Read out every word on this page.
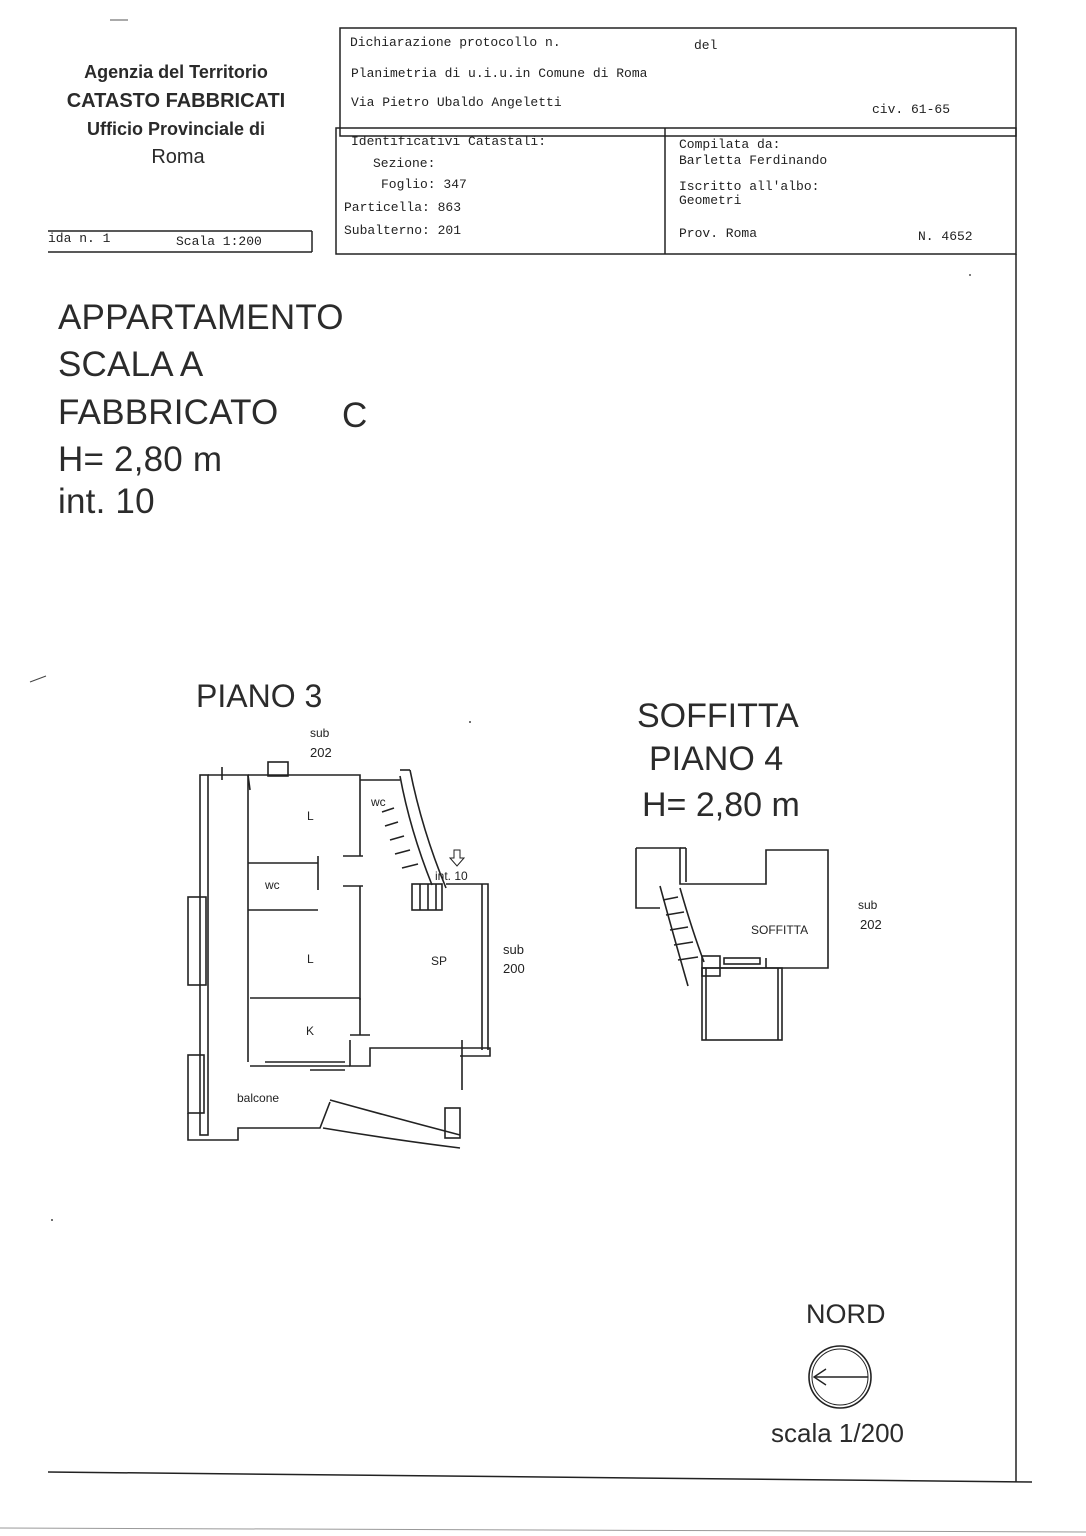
Agenzia del Territorio
CATASTO FABBRICATI
Ufficio Provinciale di
Roma
ida n. 1	Scala 1:200
Dichiarazione protocollo n.	del
Planimetria di u.i.u.in Comune di Roma
Via Pietro Ubaldo Angeletti	civ. 61-65
Identificativi Catastali:
Sezione:
Foglio: 347
Particella: 863
Subalterno: 201
Compilata da:
Barletta Ferdinando
Iscritto all'albo:
Geometri
Prov. Roma	N. 4652
APPARTAMENTO
SCALA A
FABBRICATO C
H= 2,80 m
int. 10
PIANO 3
sub
202
L
wc
wc
int. 10
L	SP
K
balcone
sub
200
SOFFITTA
PIANO 4
H= 2,80 m
SOFFITTA
sub
202
NORD
scala 1/200
